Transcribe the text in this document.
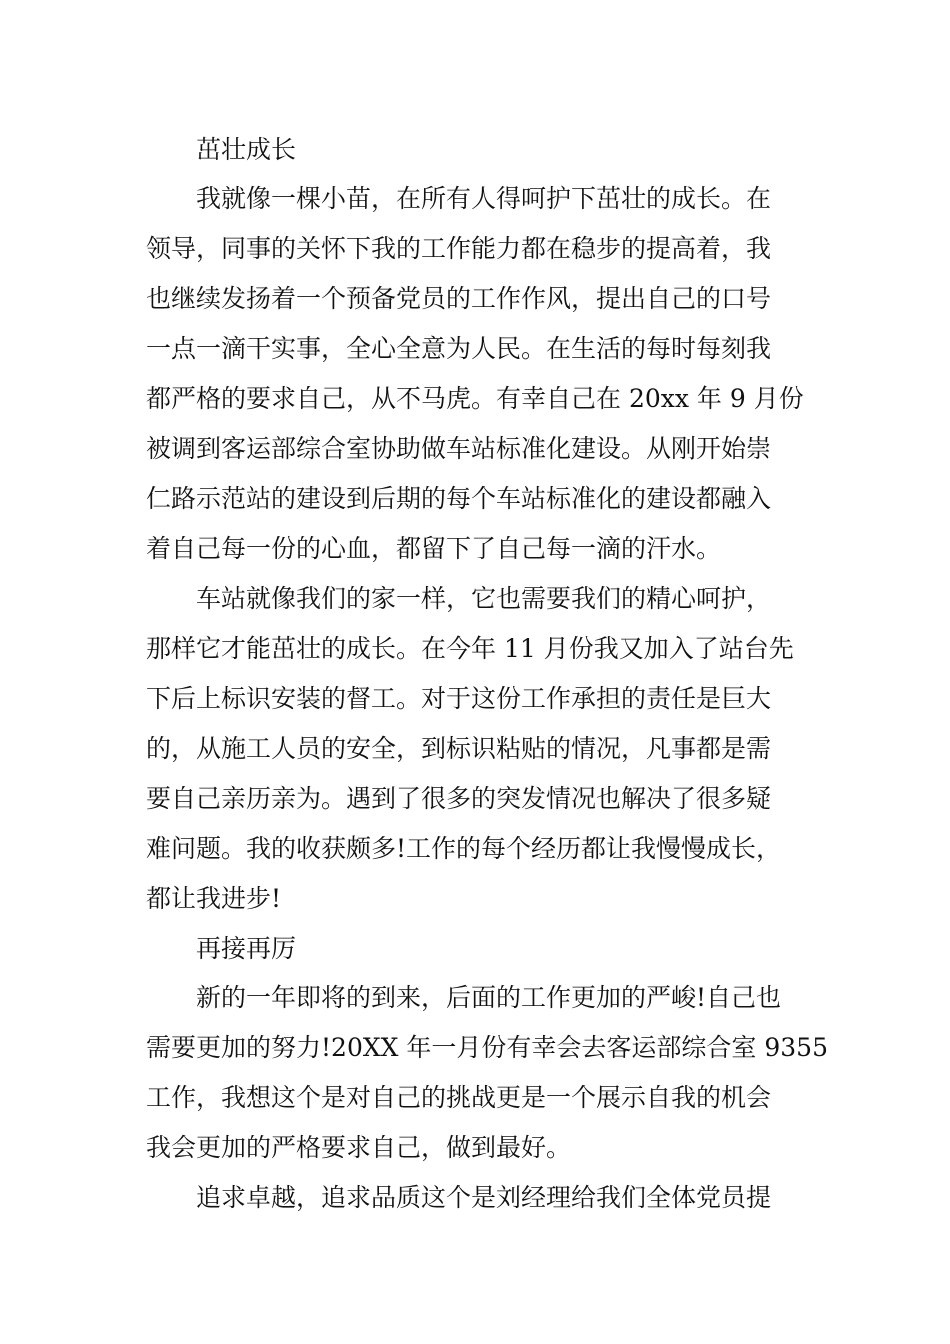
茁壮成长

我就像一棵小苗，在所有人得呵护下茁壮的成长。在

领导，同事的关怀下我的工作能力都在稳步的提高着，我

也继续发扬着一个预备党员的工作作风，提出自己的口号

一点一滴干实事，全心全意为人民。在生活的每时每刻我

都严格的要求自己，从不马虎。有幸自己在 20xx 年 9 月份

被调到客运部综合室协助做车站标准化建设。从刚开始崇

仁路示范站的建设到后期的每个车站标准化的建设都融入

着自己每一份的心血，都留下了自己每一滴的汗水。

车站就像我们的家一样，它也需要我们的精心呵护，

那样它才能茁壮的成长。在今年 11 月份我又加入了站台先

下后上标识安装的督工。对于这份工作承担的责任是巨大

的，从施工人员的安全，到标识粘贴的情况，凡事都是需

要自己亲历亲为。遇到了很多的突发情况也解决了很多疑

难问题。我的收获颇多!工作的每个经历都让我慢慢成长，

都让我进步!

再接再厉

新的一年即将的到来，后面的工作更加的严峻!自己也

需要更加的努力!20XX 年一月份有幸会去客运部综合室 9355

工作，我想这个是对自己的挑战更是一个展示自我的机会

我会更加的严格要求自己，做到最好。

追求卓越，追求品质这个是刘经理给我们全体党员提
